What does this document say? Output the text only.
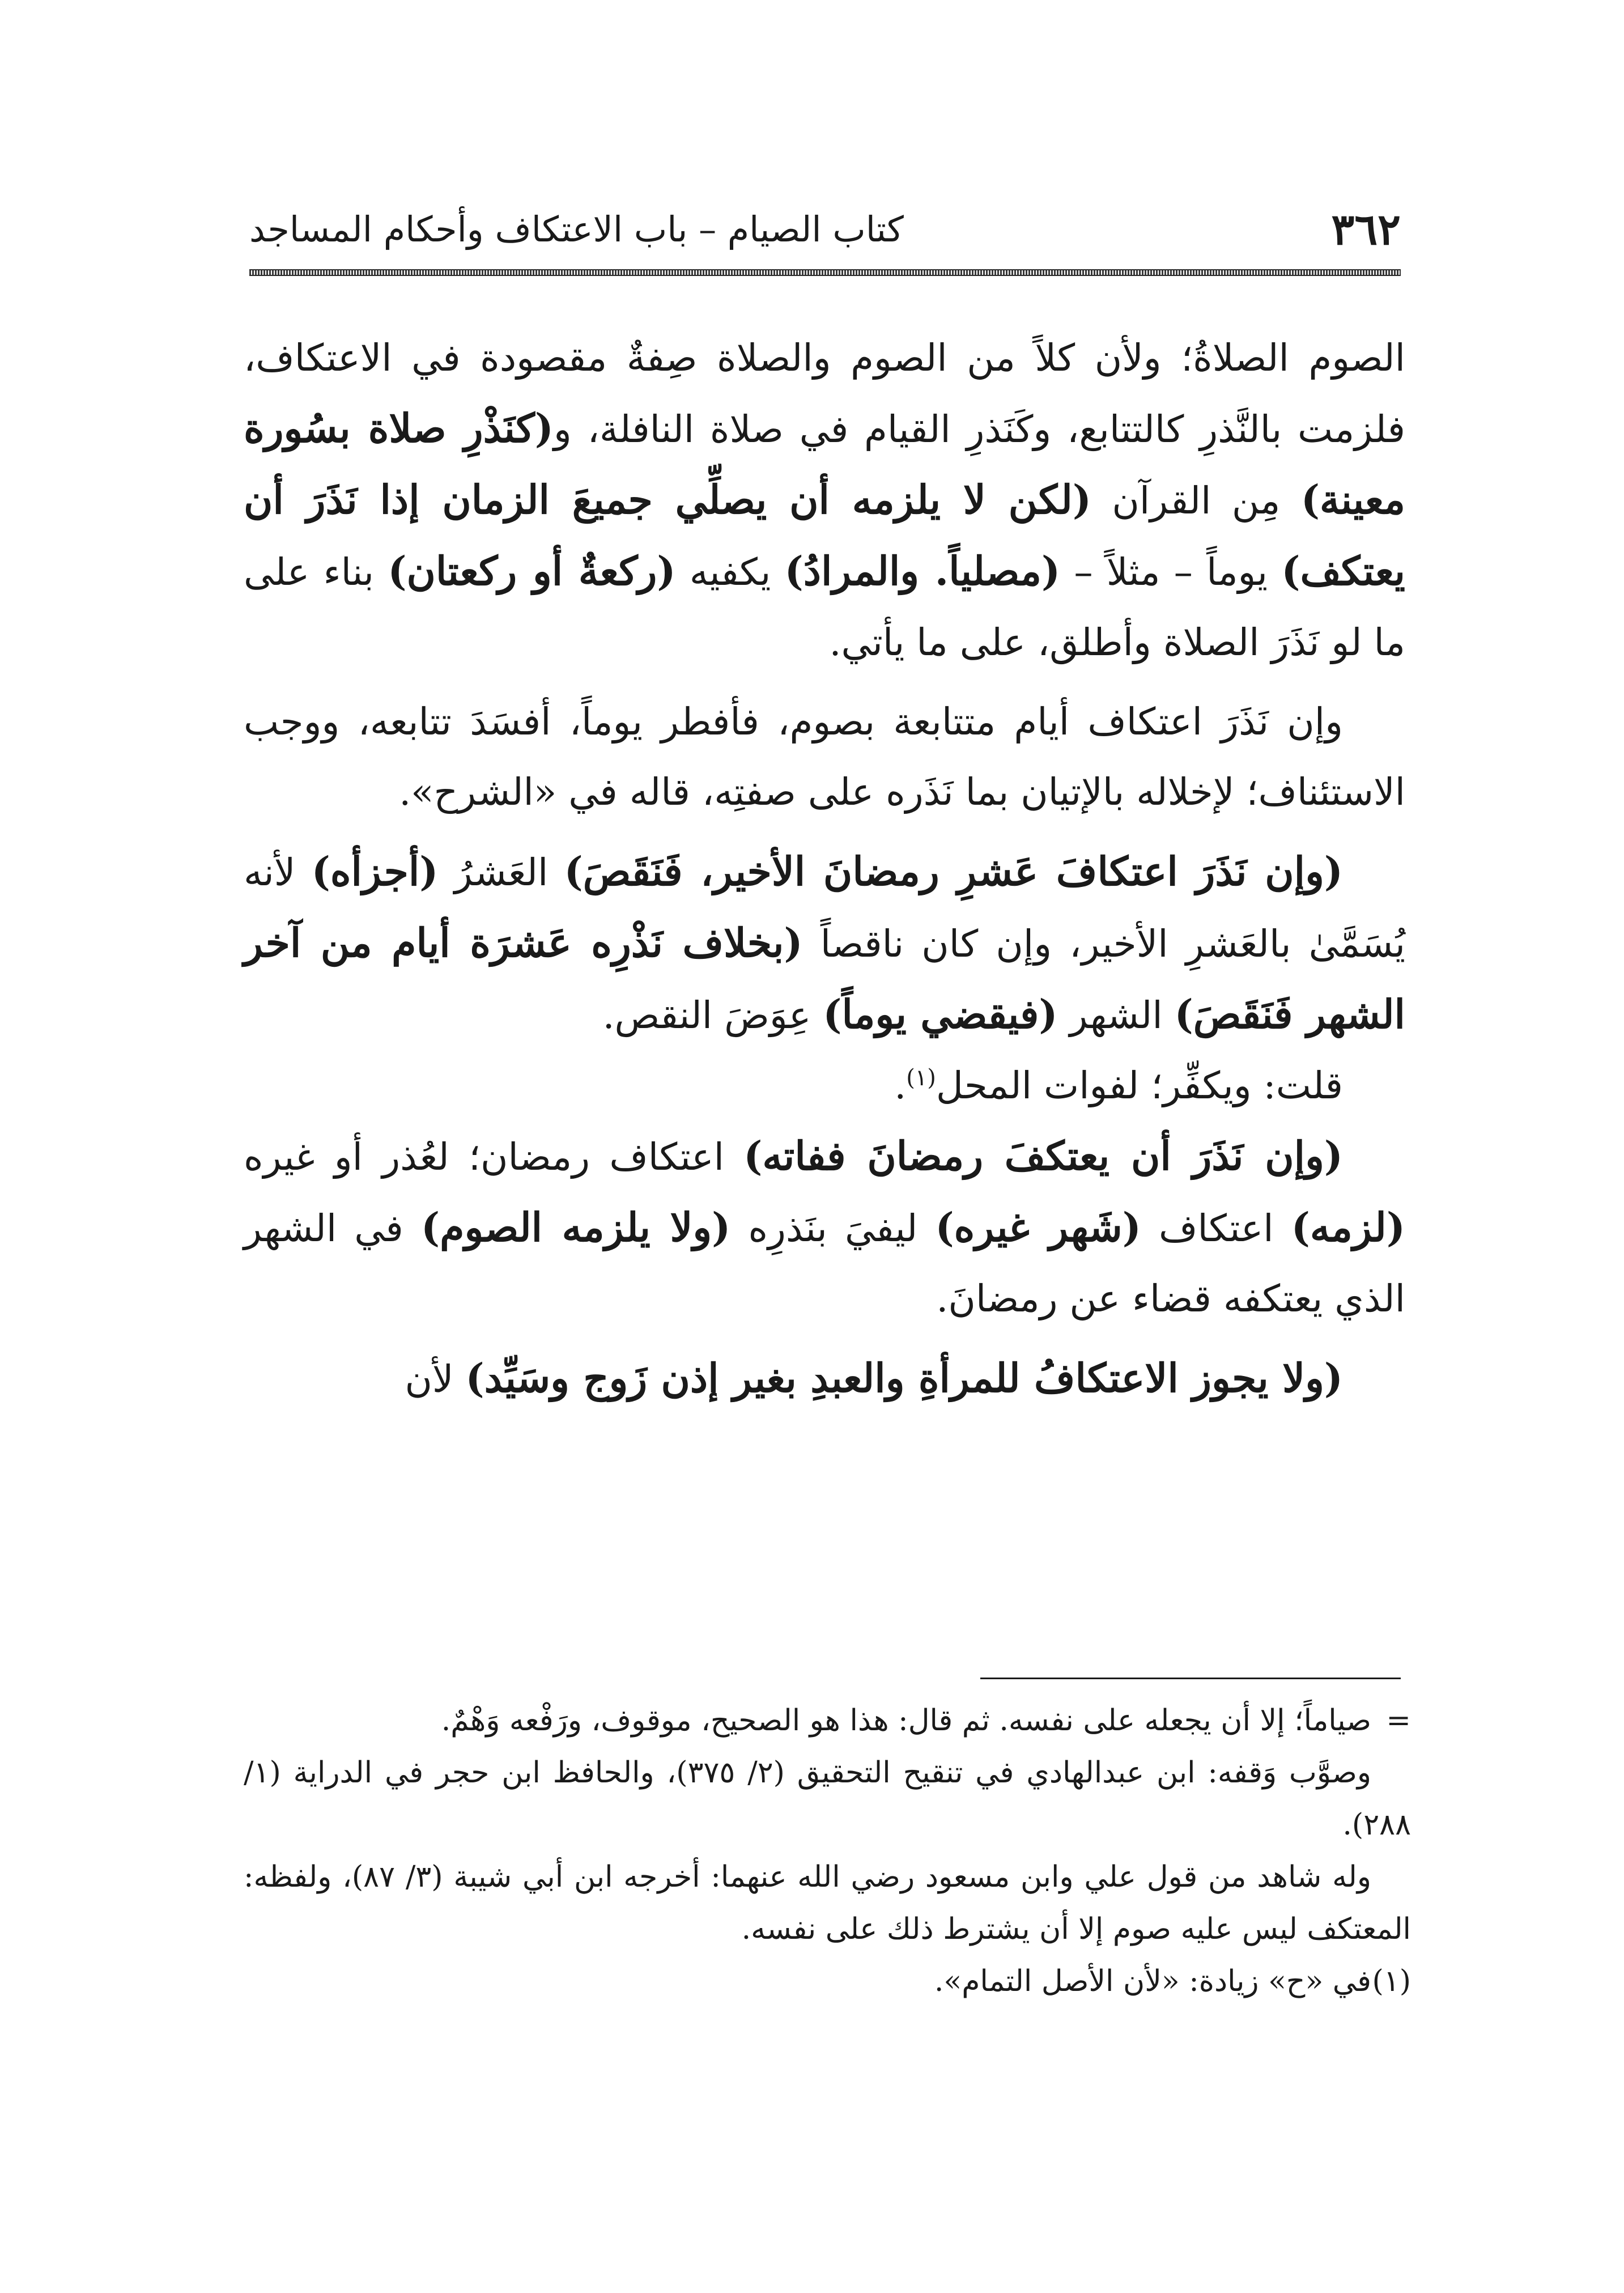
٣٦٢
كتاب الصيام – باب الاعتكاف وأحكام المساجد

الصوم الصلاةُ؛ ولأن كلاً من الصوم والصلاة صِفةٌ مقصودة في الاعتكاف، فلزمت بالنَّذرِ كالتتابع، وكَنَذرِ القيام في صلاة النافلة، و(كنَذْرِ صلاة بسُورة معينة) مِن القرآن (لكن لا يلزمه أن يصلِّي جميعَ الزمان إذا نَذَرَ أن يعتكف) يوماً – مثلاً – (مصلياً. والمرادُ) يكفيه (ركعةٌ أو ركعتان) بناء على ما لو نَذَرَ الصلاة وأطلق، على ما يأتي.

وإن نَذَرَ اعتكاف أيام متتابعة بصوم، فأفطر يوماً، أفسَدَ تتابعه، ووجب الاستئناف؛ لإخلاله بالإتيان بما نَذَره على صفتِه، قاله في «الشرح».

(وإن نَذَرَ اعتكافَ عَشرِ رمضانَ الأخير، فَنَقَصَ) العَشرُ (أجزأه) لأنه يُسَمَّىٰ بالعَشرِ الأخير، وإن كان ناقصاً (بخلاف نَذْرِه عَشرَة أيام من آخر الشهر فَنَقَصَ) الشهر (فيقضي يوماً) عِوَضَ النقص.

قلت: ويكفِّر؛ لفوات المحل$^{(١)}$.

(وإن نَذَرَ أن يعتكفَ رمضانَ ففاته) اعتكاف رمضان؛ لعُذر أو غيره (لزمه) اعتكاف (شَهر غيره) ليفيَ بنَذرِه (ولا يلزمه الصوم) في الشهر الذي يعتكفه قضاء عن رمضانَ.

(ولا يجوز الاعتكافُ للمرأةِ والعبدِ بغير إذن زَوج وسَيِّد) لأن

=صياماً؛ إلا أن يجعله على نفسه. ثم قال: هذا هو الصحيح، موقوف، ورَفْعه وَهْمٌ.

وصوَّب وَقفه: ابن عبدالهادي في تنقيح التحقيق (٢/ ٣٧٥)، والحافظ ابن حجر في الدراية (١/ ٢٨٨).

وله شاهد من قول علي وابن مسعود رضي الله عنهما: أخرجه ابن أبي شيبة (٣/ ٨٧)، ولفظه: المعتكف ليس عليه صوم إلا أن يشترط ذلك على نفسه.

(١)في «ح» زيادة: «لأن الأصل التمام».
